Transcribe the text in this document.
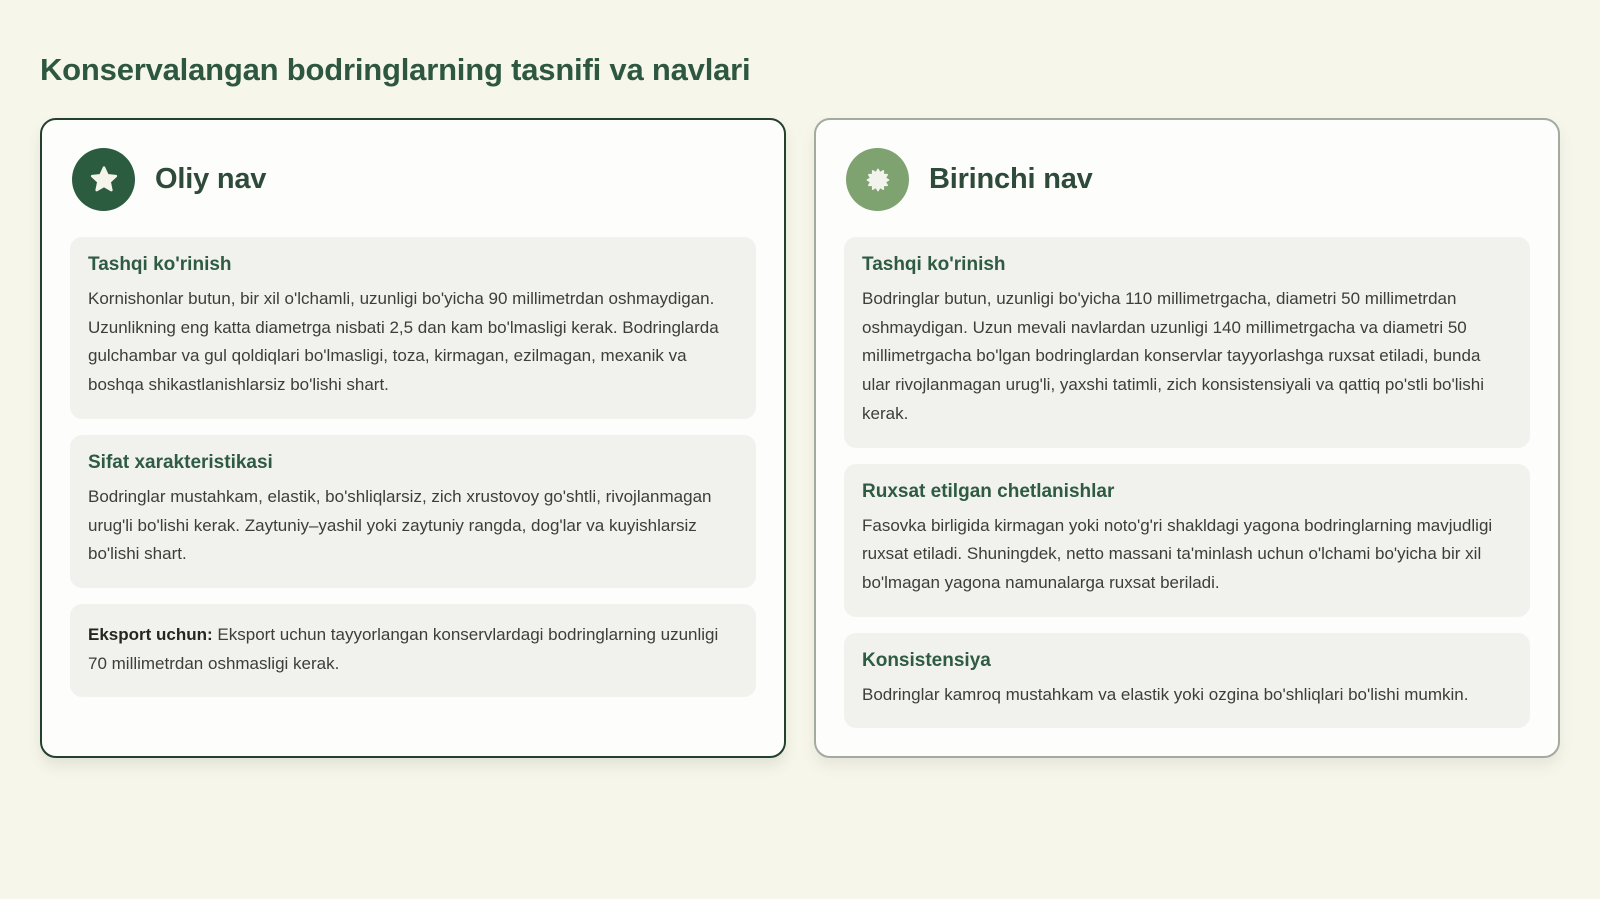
Konservalangan bodringlarning tasnifi va navlari
Oliy nav
Tashqi ko'rinish

Kornishonlar butun, bir xil o'lchamli, uzunligi bo'yicha 90 millimetrdan oshmaydigan. Uzunlikning eng katta diametrga nisbati 2,5 dan kam bo'lmasligi kerak. Bodringlarda gulchambar va gul qoldiqlari bo'lmasligi, toza, kirmagan, ezilmagan, mexanik va boshqa shikastlanishlarsiz bo'lishi shart.

Sifat xarakteristikasi

Bodringlar mustahkam, elastik, bo'shliqlarsiz, zich xrustovoy go'shtli, rivojlanmagan urug'li bo'lishi kerak. Zaytuniy–yashil yoki zaytuniy rangda, dog'lar va kuyishlarsiz bo'lishi shart.

Eksport uchun: Eksport uchun tayyorlangan konservlardagi bodringlarning uzunligi 70 millimetrdan oshmasligi kerak.

Birinchi nav
Tashqi ko'rinish

Bodringlar butun, uzunligi bo'yicha 110 millimetrgacha, diametri 50 millimetrdan oshmaydigan. Uzun mevali navlardan uzunligi 140 millimetrgacha va diametri 50 millimetrgacha bo'lgan bodringlardan konservlar tayyorlashga ruxsat etiladi, bunda ular rivojlanmagan urug'li, yaxshi tatimli, zich konsistensiyali va qattiq po'stli bo'lishi kerak.

Ruxsat etilgan chetlanishlar

Fasovka birligida kirmagan yoki noto'g'ri shakldagi yagona bodringlarning mavjudligi ruxsat etiladi. Shuningdek, netto massani ta'minlash uchun o'lchami bo'yicha bir xil bo'lmagan yagona namunalarga ruxsat beriladi.

Konsistensiya

Bodringlar kamroq mustahkam va elastik yoki ozgina bo'shliqlari bo'lishi mumkin.
